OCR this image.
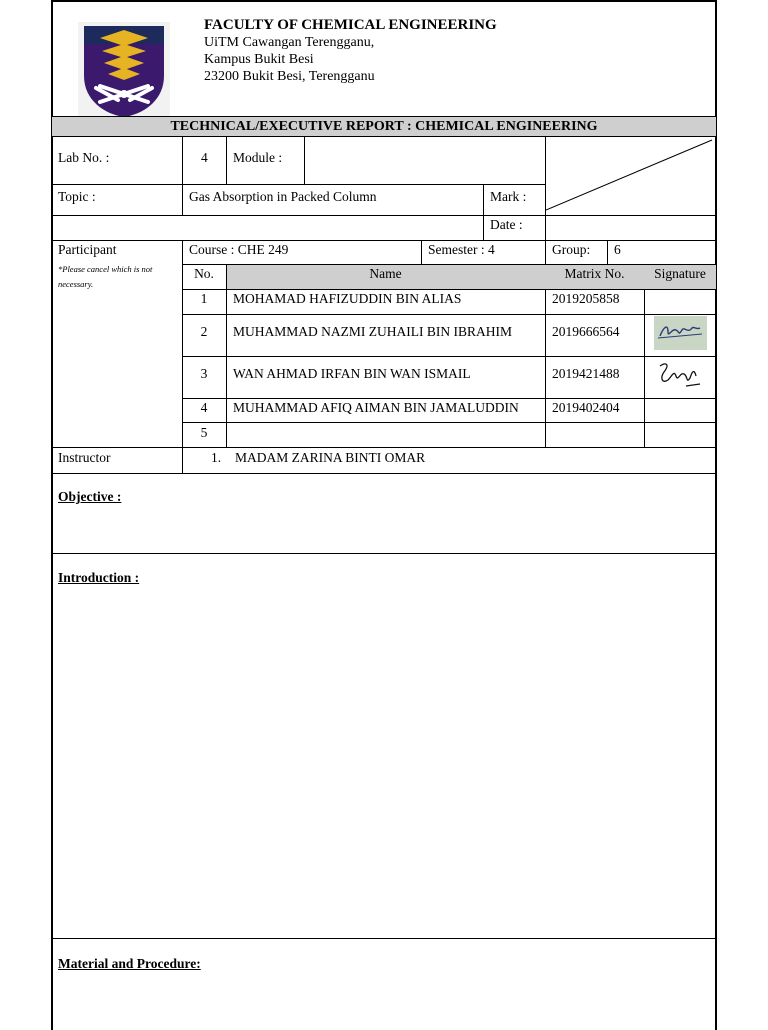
FACULTY OF CHEMICAL ENGINEERING
UiTM Cawangan Terengganu,
Kampus Bukit Besi
23200 Bukit Besi, Terengganu
TECHNICAL/EXECUTIVE REPORT : CHEMICAL ENGINEERING
Lab No. :	4 Module :
Topic :	Gas Absorption in Packed Column	Mark :
Date :
Participant
*Please cancel which is not necessary.
Course : CHE 249	Semester : 4	Group: 6
No.	Name	Matrix No.	Signature
1	MOHAMAD HAFIZUDDIN BIN ALIAS	2019205858
2	MUHAMMAD NAZMI ZUHAILI BIN IBRAHIM	2019666564
3	WAN AHMAD IRFAN BIN WAN ISMAIL	2019421488
4	MUHAMMAD AFIQ AIMAN BIN JAMALUDDIN 2019402404
5
Instructor	1. MADAM ZARINA BINTI OMAR
Objective :
Introduction :
Material and Procedure:
